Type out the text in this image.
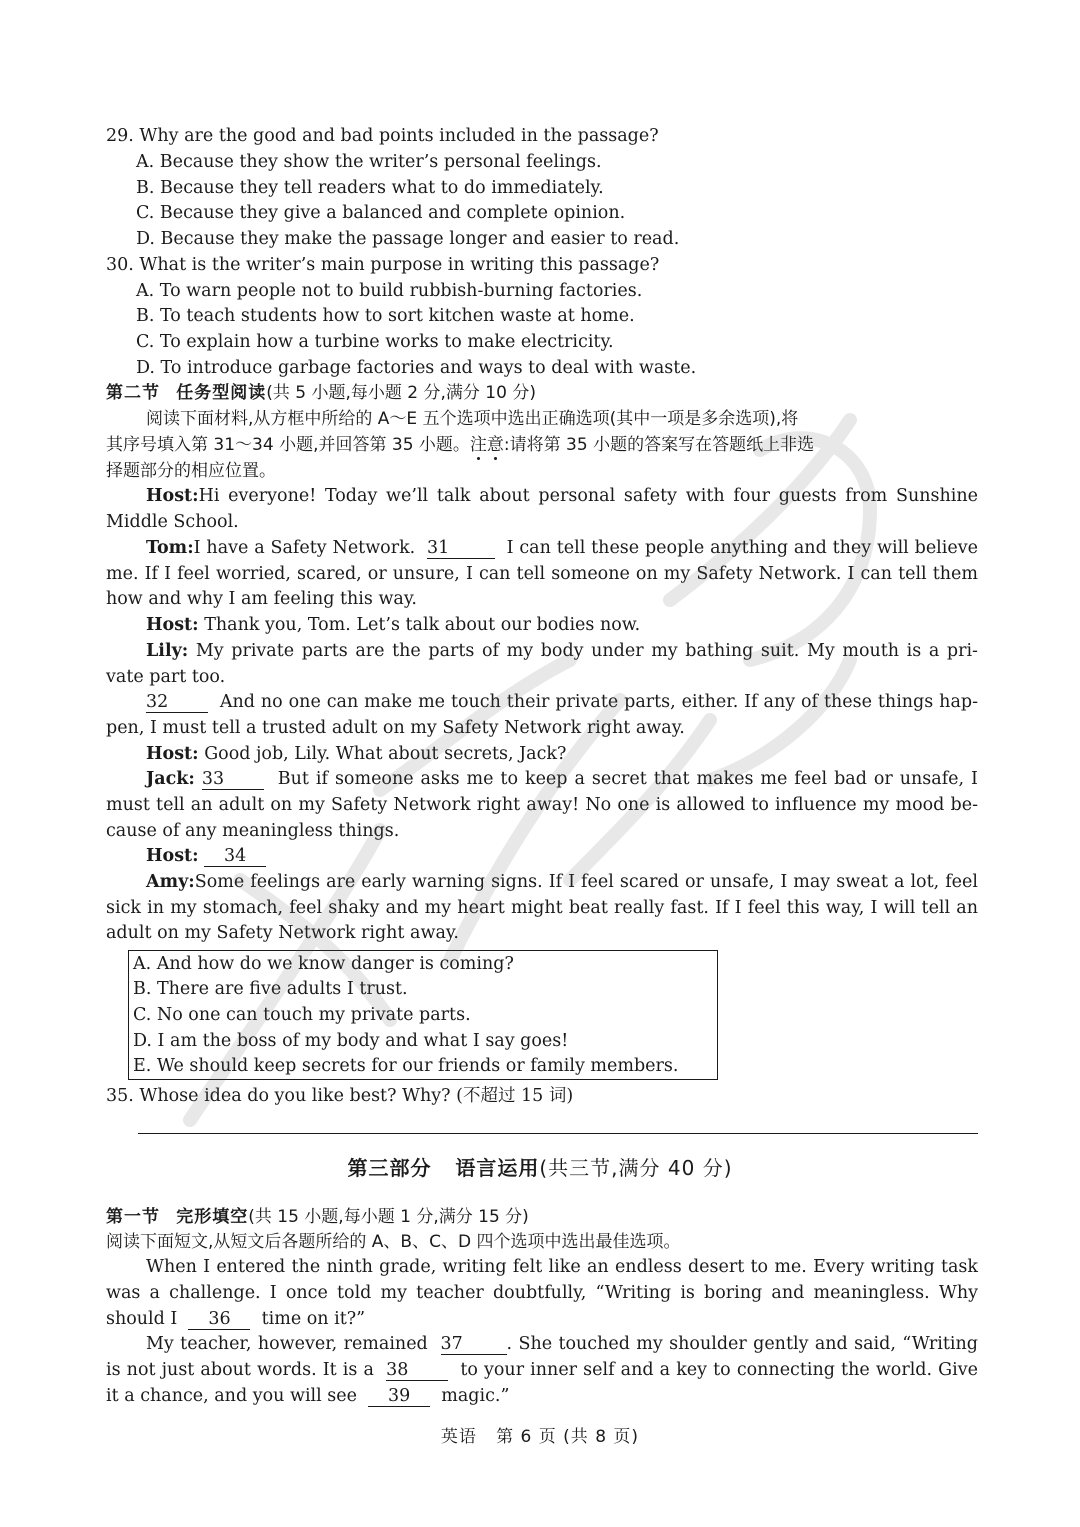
29. Why are the good and bad points included in the passage?
A. Because they show the writer’s personal feelings.
B. Because they tell readers what to do immediately.
C. Because they give a balanced and complete opinion.
D. Because they make the passage longer and easier to read.
30. What is the writer’s main purpose in writing this passage?
A. To warn people not to build rubbish-burning factories.
B. To teach students how to sort kitchen waste at home.
C. To explain how a turbine works to make electricity.
D. To introduce garbage factories and ways to deal with waste.
第二节 任务型阅读(共 5 小题,每小题 2 分,满分 10 分)
阅读下面材料,从方框中所给的 A～E 五个选项中选出正确选项(其中一项是多余选项),将
其序号填入第 31～34 小题,并回答第 35 小题。注意:请将第 35 小题的答案写在答题纸上非选
择题部分的相应位置。
Host:Hi everyone! Today we’ll talk about personal safety with four guests from Sunshine
Middle School.
Tom:I have a Safety Network. 31	I can tell these people anything and they will believe
me. If I feel worried, scared, or unsure, I can tell someone on my Safety Network. I can tell them
how and why I am feeling this way.
Host: Thank you, Tom. Let’s talk about our bodies now.
Lily: My private parts are the parts of my body under my bathing suit. My mouth is a pri-
vate part too.
32	And no one can make me touch their private parts, either. If any of these things hap-
pen, I must tell a trusted adult on my Safety Network right away.
Host: Good job, Lily. What about secrets, Jack?
Jack: 33	But if someone asks me to keep a secret that makes me feel bad or unsafe, I
must tell an adult on my Safety Network right away! No one is allowed to influence my mood be-
cause of any meaningless things.
Host: 34
Amy:Some feelings are early warning signs. If I feel scared or unsafe, I may sweat a lot, feel
sick in my stomach, feel shaky and my heart might beat really fast. If I feel this way, I will tell an
adult on my Safety Network right away.
A. And how do we know danger is coming?
B. There are five adults I trust.
C. No one can touch my private parts.
D. I am the boss of my body and what I say goes!
E. We should keep secrets for our friends or family members.
35. Whose idea do you like best? Why? (不超过 15 词)
第三部分 语言运用(共三节,满分 40 分)
第一节 完形填空(共 15 小题,每小题 1 分,满分 15 分)
阅读下面短文,从短文后各题所给的 A、B、C、D 四个选项中选出最佳选项。
When I entered the ninth grade, writing felt like an endless desert to me. Every writing task
was a challenge. I once told my teacher doubtfully, “Writing is boring and meaningless. Why
should I 36 time on it?”
My teacher, however, remained 37 . She touched my shoulder gently and said, “Writing
is not just about words. It is a 38	to your inner self and a key to connecting the world. Give
it a chance, and you will see 39 magic.”
英语 第 6 页 (共 8 页)
